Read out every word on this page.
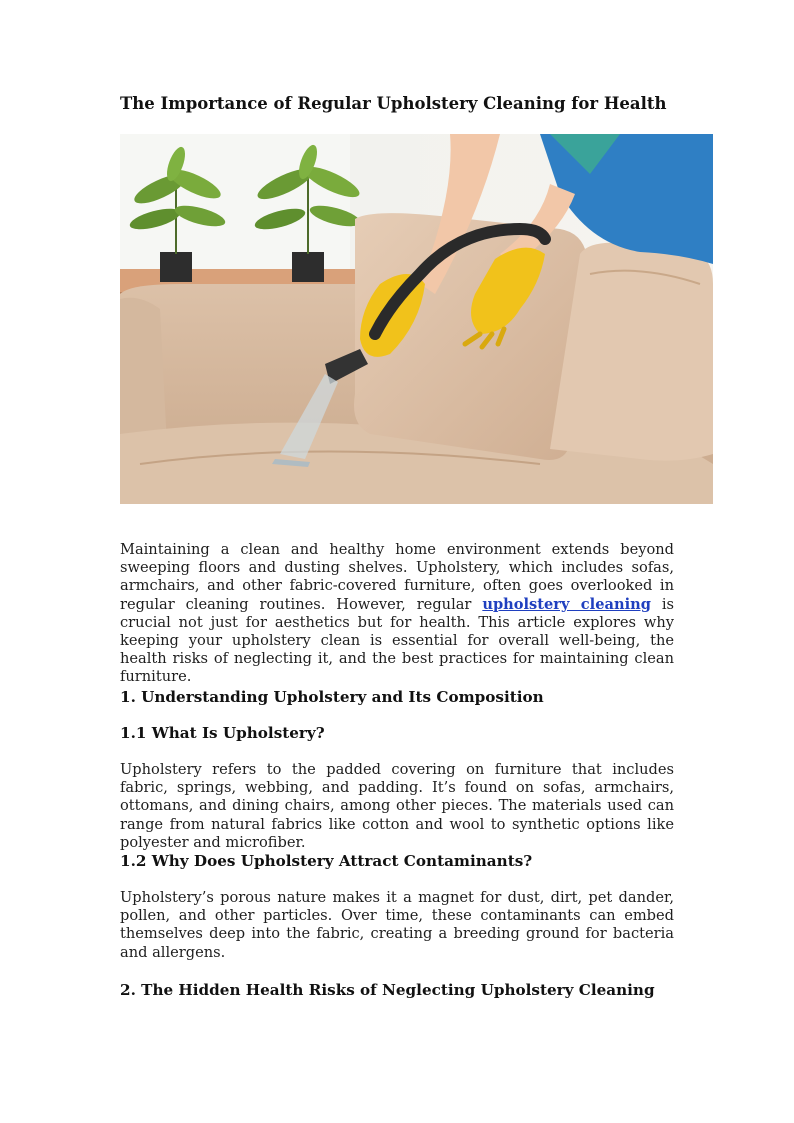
The Importance of Regular Upholstery Cleaning for Health

Maintaining a clean and healthy home environment extends beyond sweeping floors and dusting shelves. Upholstery, which includes sofas, armchairs, and other fabric-covered furniture, often goes overlooked in regular cleaning routines. However, regular upholstery cleaning is crucial not just for aesthetics but for health. This article explores why keeping your upholstery clean is essential for overall well-being, the health risks of neglecting it, and the best practices for maintaining clean furniture.

1. Understanding Upholstery and Its Composition
1.1 What Is Upholstery?

Upholstery refers to the padded covering on furniture that includes fabric, springs, webbing, and padding. It’s found on sofas, armchairs, ottomans, and dining chairs, among other pieces. The materials used can range from natural fabrics like cotton and wool to synthetic options like polyester and microfiber.

1.2 Why Does Upholstery Attract Contaminants?

Upholstery’s porous nature makes it a magnet for dust, dirt, pet dander, pollen, and other particles. Over time, these contaminants can embed themselves deep into the fabric, creating a breeding ground for bacteria and allergens.

2. The Hidden Health Risks of Neglecting Upholstery Cleaning
